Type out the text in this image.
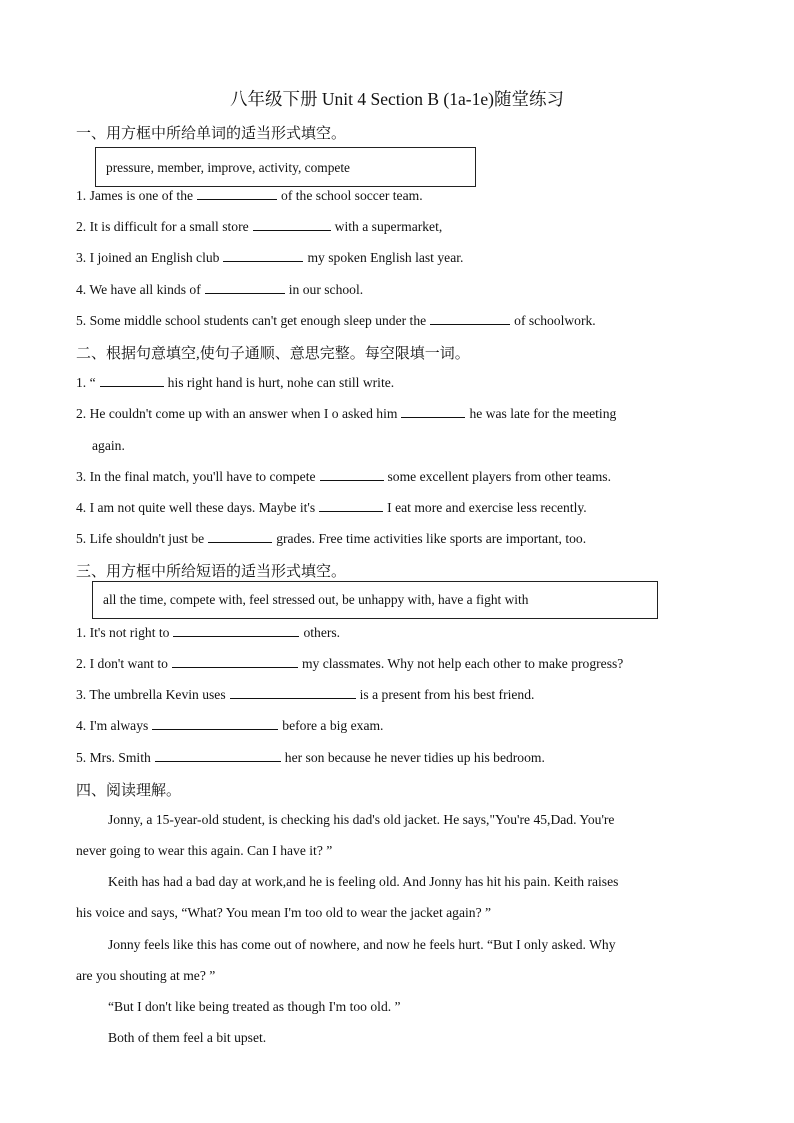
八年级下册 Unit 4 Section B (1a-1e)随堂练习
一、用方框中所给单词的适当形式填空。
pressure, member, improve, activity, compete
1. James is one of the	of the school soccer team.
2. It is difficult for a small store	with a supermarket,
3. I joined an English club	my spoken English last year.
4. We have all kinds of	in our school.
5. Some middle school students can't get enough sleep under the	of schoolwork.
二、根据句意填空,使句子通顺、意思完整。每空限填一词。
1. “	his right hand is hurt, nohe can still write.
2. He couldn't come up with an answer when I o asked him	he was late for the meeting
again.
3. In the final match, you'll have to compete	some excellent players from other teams.
4. I am not quite well these days. Maybe it's	I eat more and exercise less recently.
5. Life shouldn't just be	grades. Free time activities like sports are important, too.
三、用方框中所给短语的适当形式填空。
all the time, compete with, feel stressed out, be unhappy with, have a fight with
1. It's not right to	others.
2. I don't want to	my classmates. Why not help each other to make progress?
3. The umbrella Kevin uses	is a present from his best friend.
4. I'm always	before a big exam.
5. Mrs. Smith	her son because he never tidies up his bedroom.
四、阅读理解。
Jonny, a 15-year-old student, is checking his dad's old jacket. He says,"You're 45,Dad. You're
never going to wear this again. Can I have it? ”
Keith has had a bad day at work,and he is feeling old. And Jonny has hit his pain. Keith raises
his voice and says, “What? You mean I'm too old to wear the jacket again? ”
Jonny feels like this has come out of nowhere, and now he feels hurt. “But I only asked. Why
are you shouting at me? ”
“But I don't like being treated as though I'm too old. ”
Both of them feel a bit upset.
